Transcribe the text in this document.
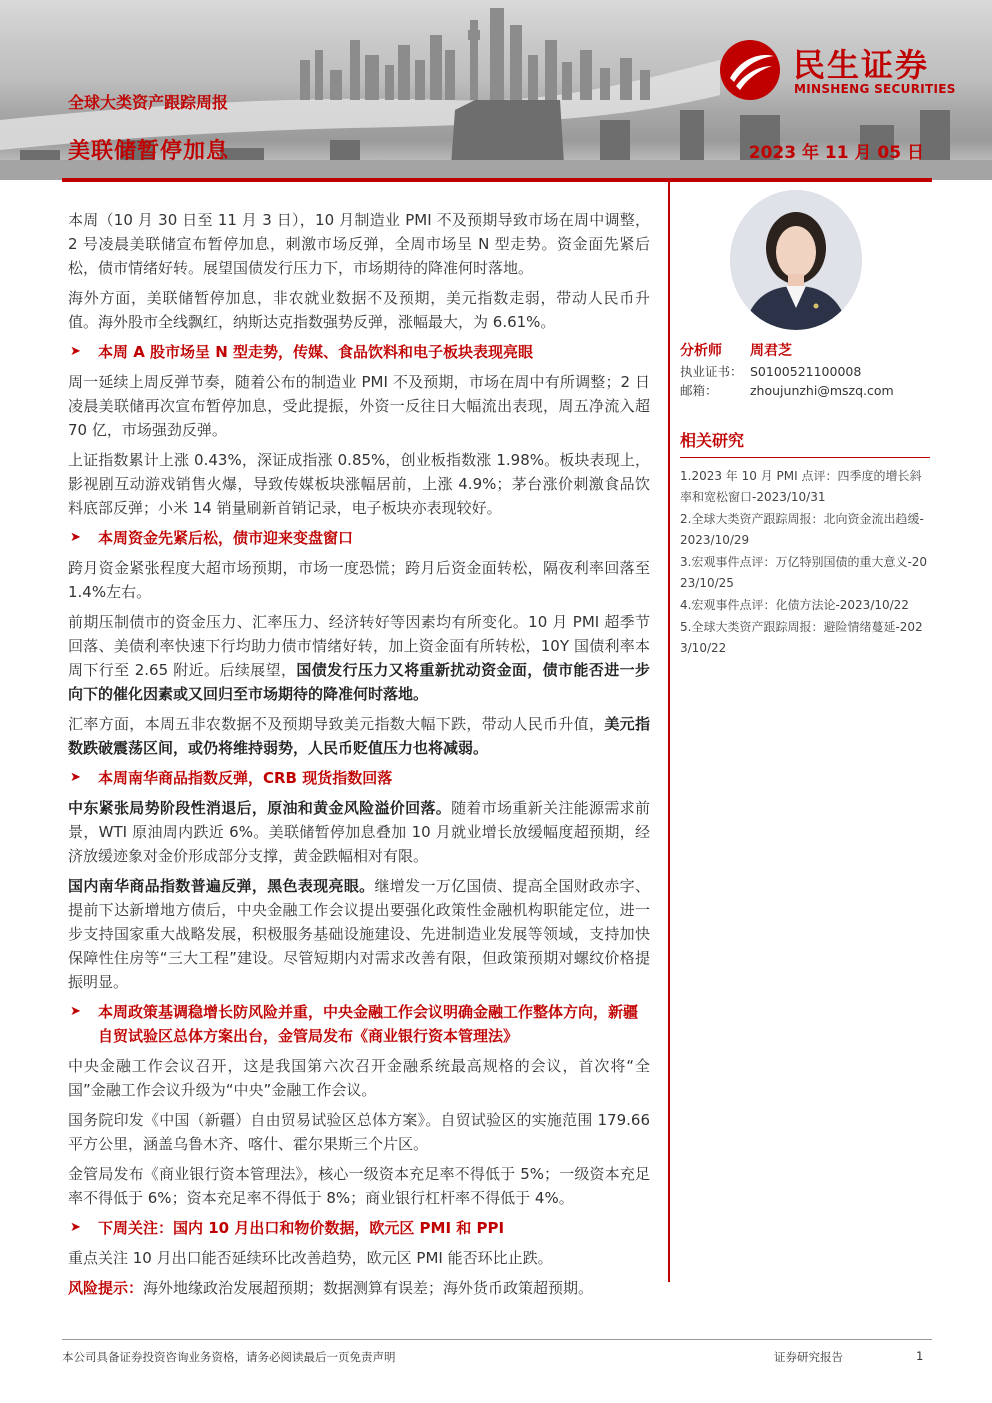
全球大类资产跟踪周报
美联储暂停加息	2023 年 11 月 05 日
民生证券
MINSHENG SECURITIES

本周（10 月 30 日至 11 月 3 日），10 月制造业 PMI 不及预期导致市场在周中调整，2 号凌晨美联储宣布暂停加息，刺激市场反弹，全周市场呈 N 型走势。资金面先紧后松，债市情绪好转。展望国债发行压力下，市场期待的降准何时落地。

海外方面，美联储暂停加息，非农就业数据不及预期，美元指数走弱，带动人民币升值。海外股市全线飘红，纳斯达克指数强势反弹，涨幅最大，为 6.61%。

➤	本周 A 股市场呈 N 型走势，传媒、食品饮料和电子板块表现亮眼

周一延续上周反弹节奏，随着公布的制造业 PMI 不及预期，市场在周中有所调整；2 日凌晨美联储再次宣布暂停加息，受此提振，外资一反往日大幅流出表现，周五净流入超 70 亿，市场强劲反弹。

上证指数累计上涨 0.43%，深证成指涨 0.85%，创业板指数涨 1.98%。板块表现上，影视剧互动游戏销售火爆，导致传媒板块涨幅居前，上涨 4.9%；茅台涨价刺激食品饮料底部反弹；小米 14 销量刷新首销记录，电子板块亦表现较好。

➤	本周资金先紧后松，债市迎来变盘窗口

跨月资金紧张程度大超市场预期，市场一度恐慌；跨月后资金面转松，隔夜利率回落至 1.4%左右。

前期压制债市的资金压力、汇率压力、经济转好等因素均有所变化。10 月 PMI 超季节回落、美债利率快速下行均助力债市情绪好转，加上资金面有所转松，10Y 国债利率本周下行至 2.65 附近。后续展望，国债发行压力又将重新扰动资金面，债市能否进一步向下的催化因素或又回归至市场期待的降准何时落地。

汇率方面，本周五非农数据不及预期导致美元指数大幅下跌，带动人民币升值，美元指数跌破震荡区间，或仍将维持弱势，人民币贬值压力也将减弱。

➤	本周南华商品指数反弹，CRB 现货指数回落

中东紧张局势阶段性消退后，原油和黄金风险溢价回落。随着市场重新关注能源需求前景，WTI 原油周内跌近 6%。美联储暂停加息叠加 10 月就业增长放缓幅度超预期，经济放缓迹象对金价形成部分支撑，黄金跌幅相对有限。

国内南华商品指数普遍反弹，黑色表现亮眼。继增发一万亿国债、提高全国财政赤字、提前下达新增地方债后，中央金融工作会议提出要强化政策性金融机构职能定位，进一步支持国家重大战略发展，积极服务基础设施建设、先进制造业发展等领域，支持加快保障性住房等“三大工程”建设。尽管短期内对需求改善有限，但政策预期对螺纹价格提振明显。

➤	本周政策基调稳增长防风险并重，中央金融工作会议明确金融工作整体方向，新疆自贸试验区总体方案出台，金管局发布《商业银行资本管理法》

中央金融工作会议召开，这是我国第六次召开金融系统最高规格的会议，首次将“全国”金融工作会议升级为“中央”金融工作会议。

国务院印发《中国（新疆）自由贸易试验区总体方案》。自贸试验区的实施范围 179.66 平方公里，涵盖乌鲁木齐、喀什、霍尔果斯三个片区。

金管局发布《商业银行资本管理法》，核心一级资本充足率不得低于 5%；一级资本充足率不得低于 6%；资本充足率不得低于 8%；商业银行杠杆率不得低于 4%。

➤	下周关注：国内 10 月出口和物价数据，欧元区 PMI 和 PPI

重点关注 10 月出口能否延续环比改善趋势，欧元区 PMI 能否环比止跌。

风险提示：海外地缘政治发展超预期；数据测算有误差；海外货币政策超预期。

分析师	周君芝
执业证书： S0100521100008
邮箱：	zhoujunzhi@mszq.com
相关研究
1.2023 年 10 月 PMI 点评：四季度的增长斜率和宽松窗口-2023/10/31
2.全球大类资产跟踪周报：北向资金流出趋缓-2023/10/29
3.宏观事件点评：万亿特别国债的重大意义-2023/10/25
4.宏观事件点评：化债方法论-2023/10/22
5.全球大类资产跟踪周报：避险情绪蔓延-2023/10/22
本公司具备证券投资咨询业务资格，请务必阅读最后一页免责声明	证券研究报告	1
